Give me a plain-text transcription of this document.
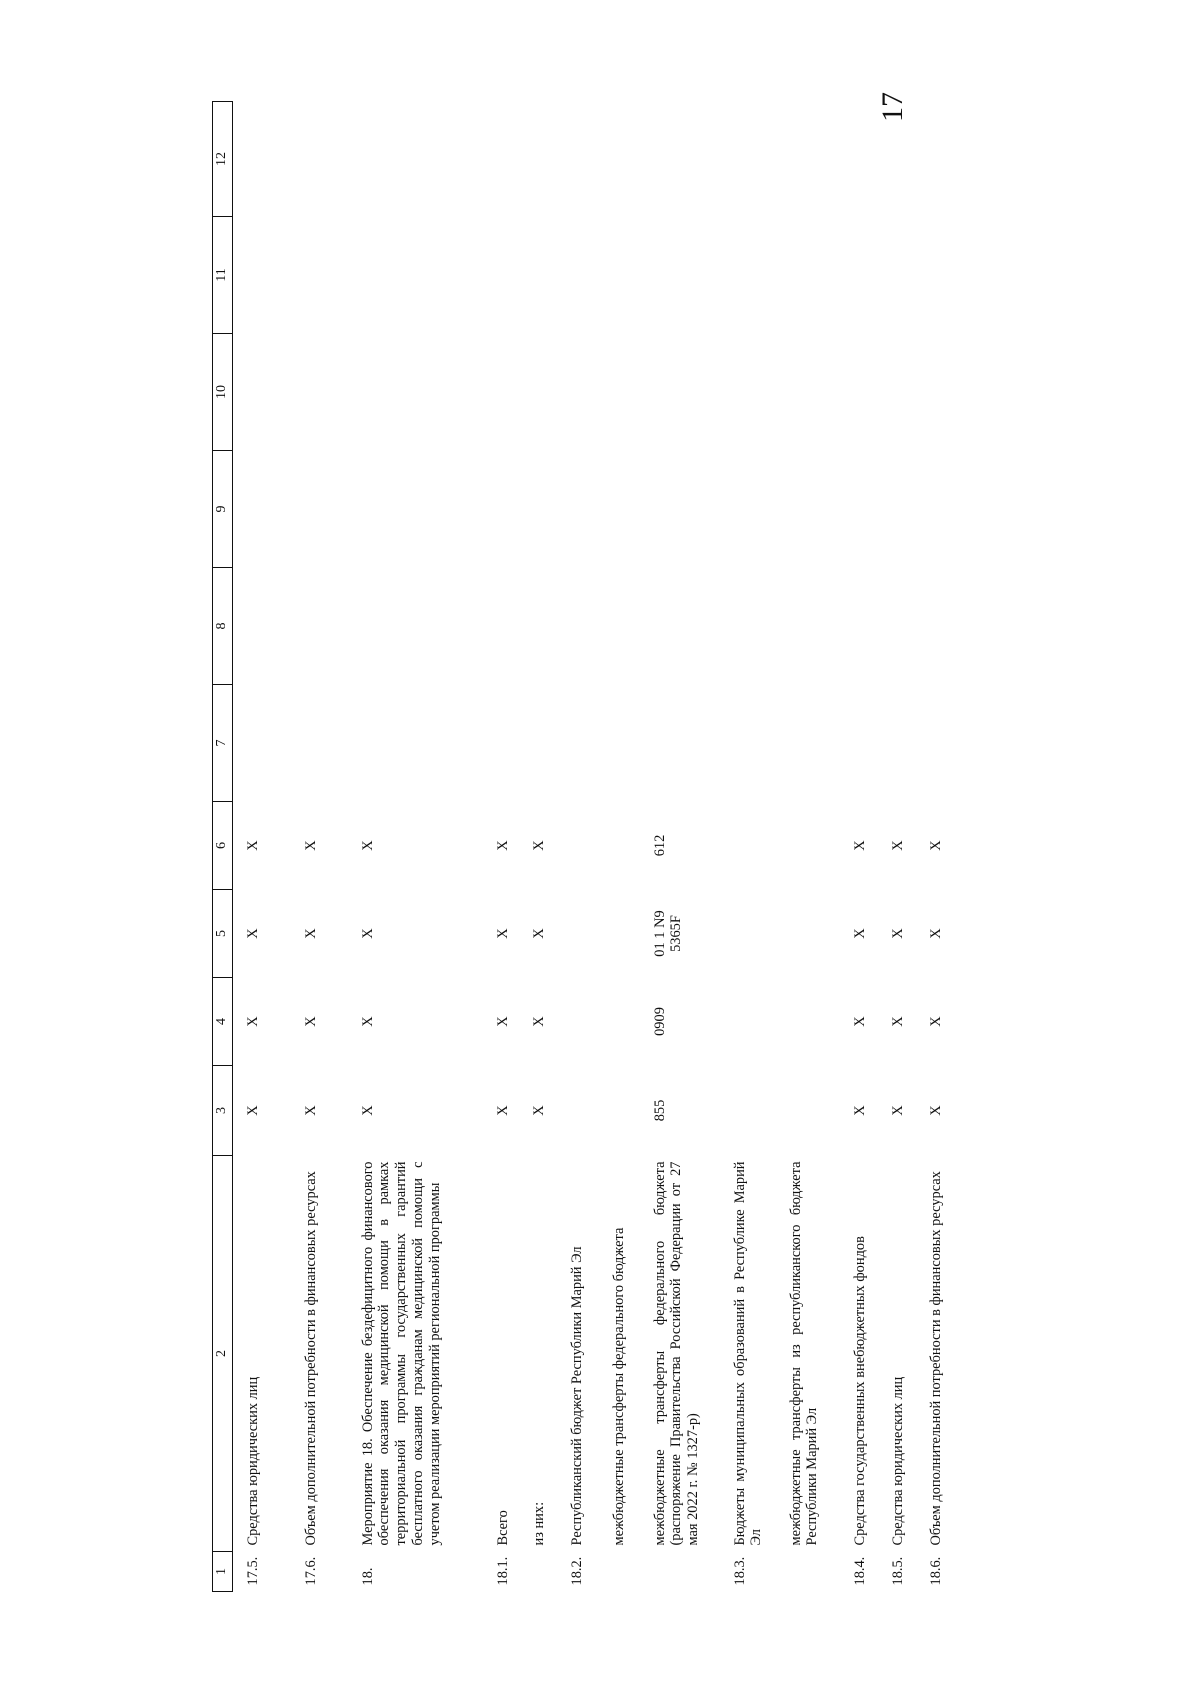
17
1	2	3	4	5	6	7	8	9	10	11	12
17.5.	Средства юридических лиц	X	X	X	X						
17.6.	Объем дополнительной потребности в финансовых ресурсах	X	X	X	X						
18.	Мероприятие 18. Обеспечение бездефицитного финансового обеспечения оказания медицинской помощи в рамках территориальной программы государственных гарантий бесплатного оказания гражданам медицинской помощи с учетом реализации мероприятий региональной программы	X	X	X	X						
18.1.	Всего	X	X	X	X						
	из них:	X	X	X	X						
18.2.	Республиканский бюджет Республики Марий Эл										
	межбюджетные трансферты федерального бюджета										
	межбюджетные трансферты федерального бюджета (распоряжение Правительства Российской Федерации от 27 мая 2022 г. № 1327-р)	855	0909	01 1 N9 5365F	612						
18.3.	Бюджеты муниципальных образований в Республике Марий Эл										
	межбюджетные трансферты из республиканского бюджета Республики Марий Эл										
18.4.	Средства государственных внебюджетных фондов	X	X	X	X						
18.5.	Средства юридических лиц	X	X	X	X						
18.6.	Объем дополнительной потребности в финансовых ресурсах	X	X	X	X						
